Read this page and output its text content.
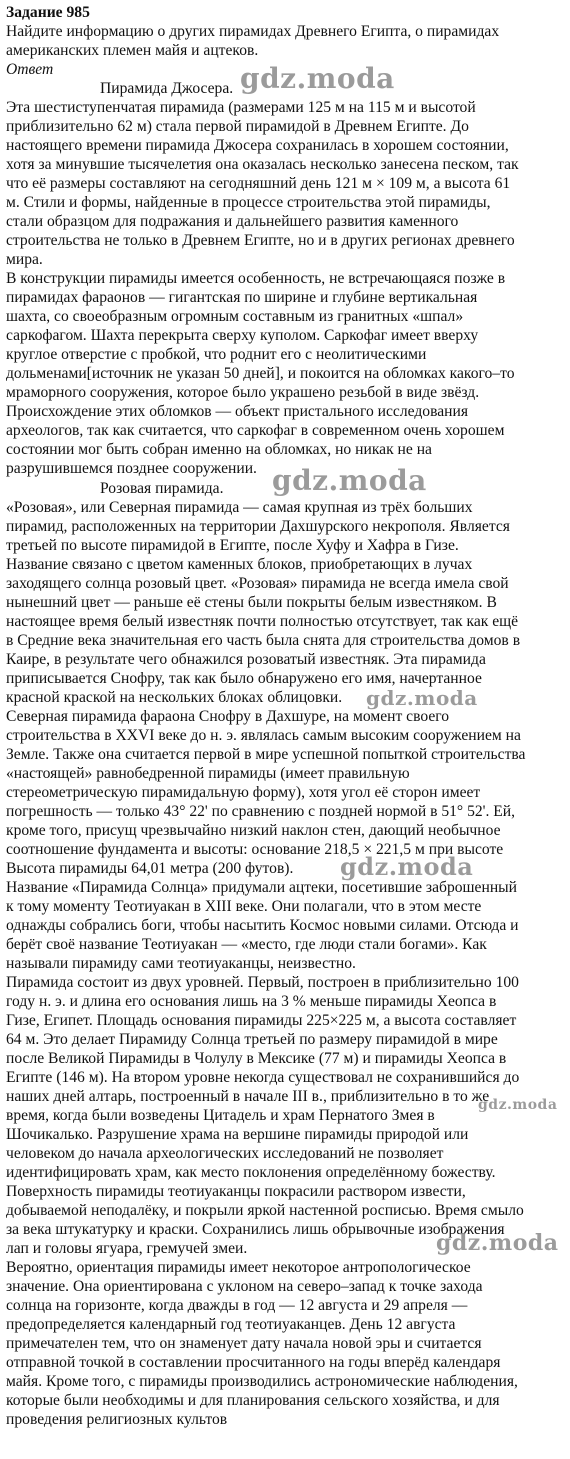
Задание 985
Найдите информацию о других пирамидах Древнего Египта, о пирамидах
американских племен майя и ацтеков.
Ответ
Пирамида Джосера.
Эта шестиступенчатая пирамида (размерами 125 м на 115 м и высотой
приблизительно 62 м) стала первой пирамидой в Древнем Египте. До
настоящего времени пирамида Джосера сохранилась в хорошем состоянии,
хотя за минувшие тысячелетия она оказалась несколько занесена песком, так
что её размеры составляют на сегодняшний день 121 м × 109 м, а высота 61
м. Стили и формы, найденные в процессе строительства этой пирамиды,
стали образцом для подражания и дальнейшего развития каменного
строительства не только в Древнем Египте, но и в других регионах древнего
мира.
В конструкции пирамиды имеется особенность, не встречающаяся позже в
пирамидах фараонов — гигантская по ширине и глубине вертикальная
шахта, со своеобразным огромным составным из гранитных «шпал»
саркофагом. Шахта перекрыта сверху куполом. Саркофаг имеет вверху
круглое отверстие с пробкой, что роднит его с неолитическими
дольменами[источник не указан 50 дней], и покоится на обломках какого‒то
мраморного сооружения, которое было украшено резьбой в виде звёзд.
Происхождение этих обломков — объект пристального исследования
археологов, так как считается, что саркофаг в современном очень хорошем
состоянии мог быть собран именно на обломках, но никак не на
разрушившемся позднее сооружении.
Розовая пирамида.
«Розовая», или Северная пирамида — самая крупная из трёх больших
пирамид, расположенных на территории Дахшурского некрополя. Является
третьей по высоте пирамидой в Египте, после Хуфу и Хафра в Гизе.
Название связано с цветом каменных блоков, приобретающих в лучах
заходящего солнца розовый цвет. «Розовая» пирамида не всегда имела свой
нынешний цвет — раньше её стены были покрыты белым известняком. В
настоящее время белый известняк почти полностью отсутствует, так как ещё
в Средние века значительная его часть была снята для строительства домов в
Каире, в результате чего обнажился розоватый известняк. Эта пирамида
приписывается Снофру, так как было обнаружено его имя, начертанное
красной краской на нескольких блоках облицовки.
Северная пирамида фараона Снофру в Дахшуре, на момент своего
строительства в XXVI веке до н. э. являлась самым высоким сооружением на
Земле. Также она считается первой в мире успешной попыткой строительства
«настоящей» равнобедренной пирамиды (имеет правильную
стереометрическую пирамидальную форму), хотя угол её сторон имеет
погрешность — только 43° 22' по сравнению с поздней нормой в 51° 52'. Ей,
кроме того, присущ чрезвычайно низкий наклон стен, дающий необычное
соотношение фундамента и высоты: основание 218,5 × 221,5 м при высоте
Высота пирамиды 64,01 метра (200 футов).
Название «Пирамида Солнца» придумали ацтеки, посетившие заброшенный
к тому моменту Теотиуакан в XIII веке. Они полагали, что в этом месте
однажды собрались боги, чтобы насытить Космос новыми силами. Отсюда и
берёт своё название Теотиуакан — «место, где люди стали богами». Как
называли пирамиду сами теотиуаканцы, неизвестно.
Пирамида состоит из двух уровней. Первый, построен в приблизительно 100
году н. э. и длина его основания лишь на 3 % меньше пирамиды Хеопса в
Гизе, Египет. Площадь основания пирамиды 225×225 м, а высота составляет
64 м. Это делает Пирамиду Солнца третьей по размеру пирамидой в мире
после Великой Пирамиды в Чолулу в Мексике (77 м) и пирамиды Хеопса в
Египте (146 м). На втором уровне некогда существовал не сохранившийся до
наших дней алтарь, построенный в начале III в., приблизительно в то же
время, когда были возведены Цитадель и храм Пернатого Змея в
Шочикалько. Разрушение храма на вершине пирамиды природой или
человеком до начала археологических исследований не позволяет
идентифицировать храм, как место поклонения определённому божеству.
Поверхность пирамиды теотиуаканцы покрасили раствором извести,
добываемой неподалёку, и покрыли яркой настенной росписью. Время смыло
за века штукатурку и краски. Сохранились лишь обрывочные изображения
лап и головы ягуара, гремучей змеи.
Вероятно, ориентация пирамиды имеет некоторое антропологическое
значение. Она ориентирована с уклоном на северо‒запад к точке захода
солнца на горизонте, когда дважды в год — 12 августа и 29 апреля —
предопределяется календарный год теотиуаканцев. День 12 августа
примечателен тем, что он знаменует дату начала новой эры и считается
отправной точкой в составлении просчитанного на годы вперёд календаря
майя. Кроме того, с пирамиды производились астрономические наблюдения,
которые были необходимы и для планирования сельского хозяйства, и для
проведения религиозных культов
gdz.moda
gdz.moda
gdz.moda
gdz.moda
gdz.moda
gdz.moda
